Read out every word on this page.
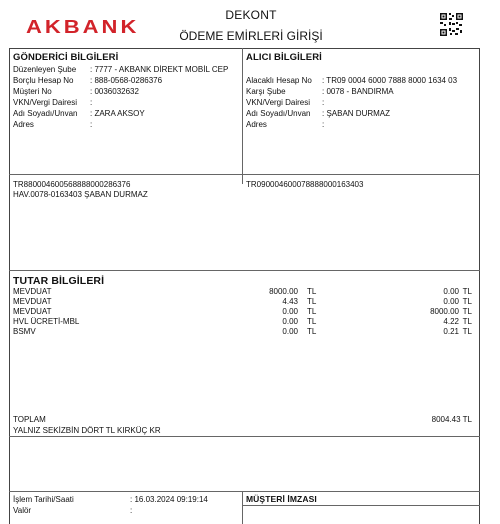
AKBANK
DEKONT
ÖDEME EMİRLERİ GİRİŞİ
GÖNDERİCİ BİLGİLERİ
Düzenleyen Şube : 7777 - AKBANK DİREKT MOBİL CEP
Borçlu Hesap No : 888-0568-0286376
Müşteri No	: 0036032632
VKN/Vergi Dairesi :
Adı Soyadı/Unvan : ZARA AKSOY
Adres	:
ALICI BİLGİLERİ
Alacaklı Hesap No : TR09 0004 6000 7888 8000 1634 03
Karşı Şube	: 0078 - BANDIRMA
VKN/Vergi Dairesi :
Adı Soyadı/Unvan : ŞABAN DURMAZ
Adres	:
TR880004600568888000286376
HAV.0078-0163403 ŞABAN DURMAZ
TR090004600078888000163403
TUTAR BİLGİLERİ
MEVDUAT	8000.00 TL	0.00 TL
MEVDUAT	4.43 TL	0.00 TL
MEVDUAT	0.00 TL	8000.00 TL
HVL ÜCRETİ-MBL	0.00 TL	4.22 TL
BSMV	0.00 TL	0.21 TL
TOPLAM	8004.43 TL
YALNIZ SEKİZBİN DÖRT TL KIRKÜÇ KR
İşlem Tarihi/Saati	: 16.03.2024 09:19:14
Valör	:
MÜŞTERİ İMZASI
